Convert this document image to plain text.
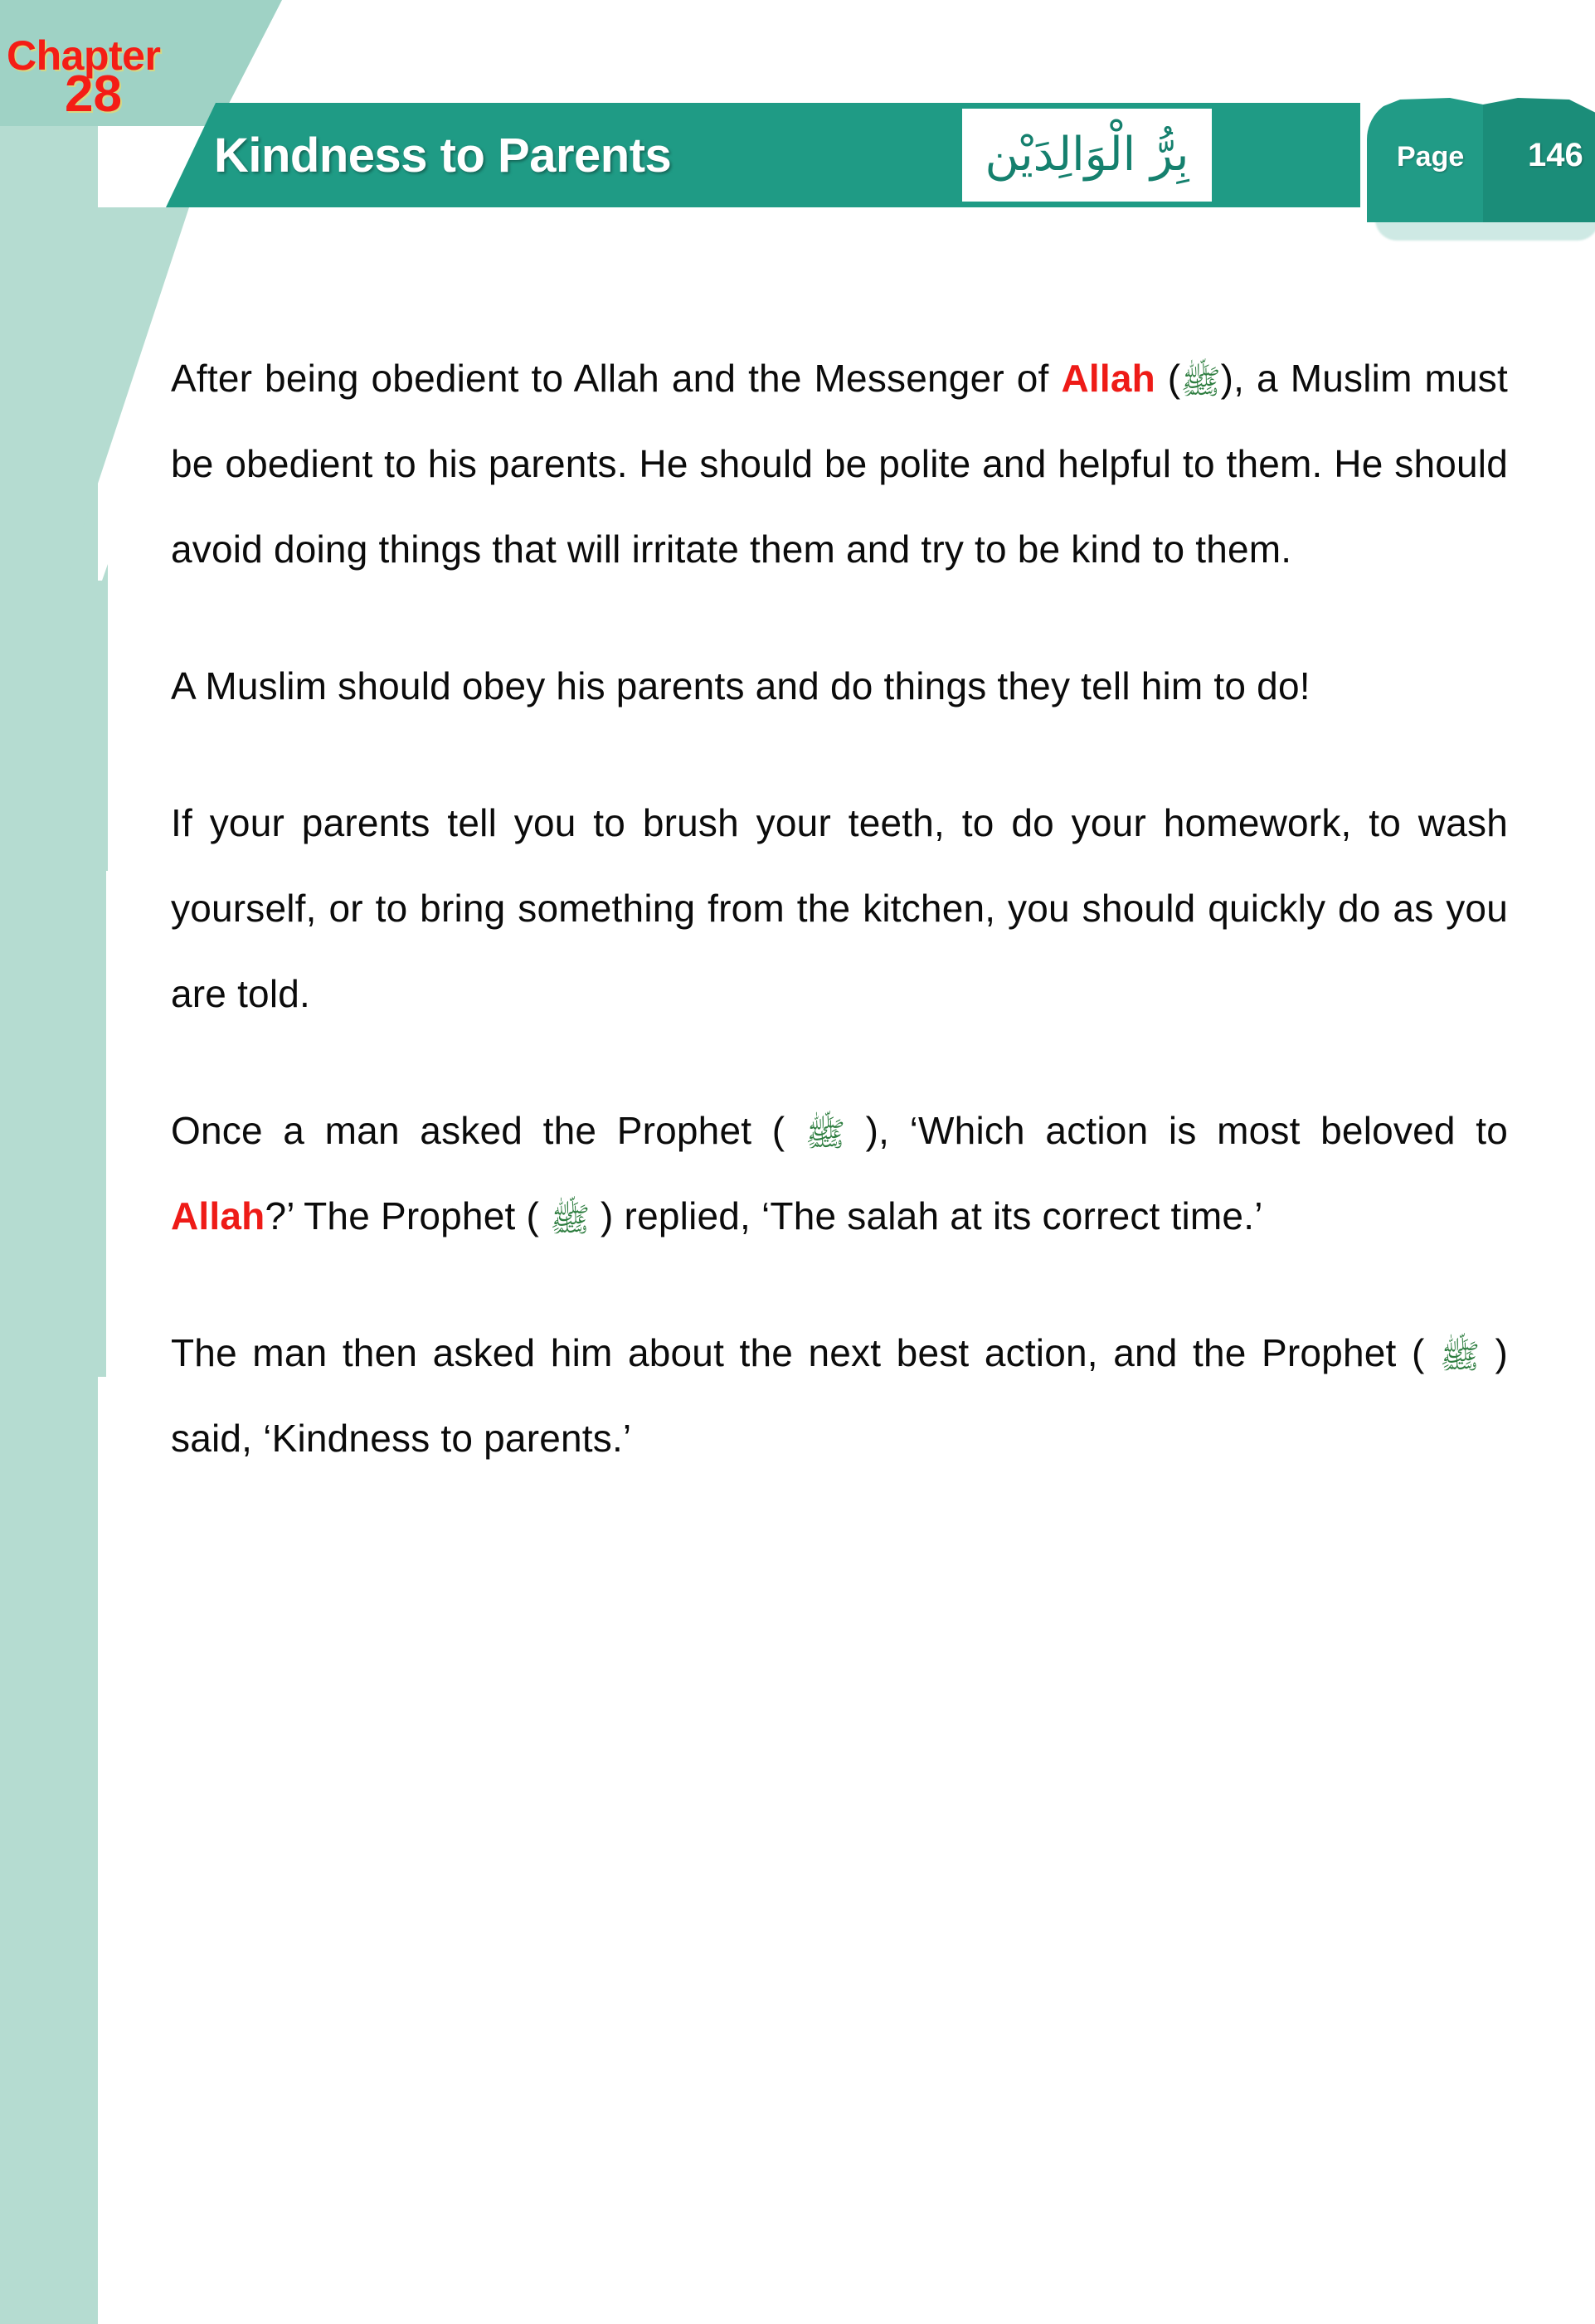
Chapter
28
Kindness to Parents	بِرُّ الْوَالِدَيْن	Page 146

After being obedient to Allah and the Messenger of Allah (ﷺ), a Muslim must be obedient to his parents. He should be polite and helpful to them. He should avoid doing things that will irritate them and try to be kind to them.

A Muslim should obey his parents and do things they tell him to do!

If your parents tell you to brush your teeth, to do your homework, to wash yourself, or to bring something from the kitchen, you should quickly do as you are told.

Once a man asked the Prophet ( ﷺ ), ‘Which action is most beloved to Allah?’ The Prophet ( ﷺ ) replied, ‘The salah at its correct time.’

The man then asked him about the next best action, and the Prophet ( ﷺ ) said, ‘Kindness to parents.’
